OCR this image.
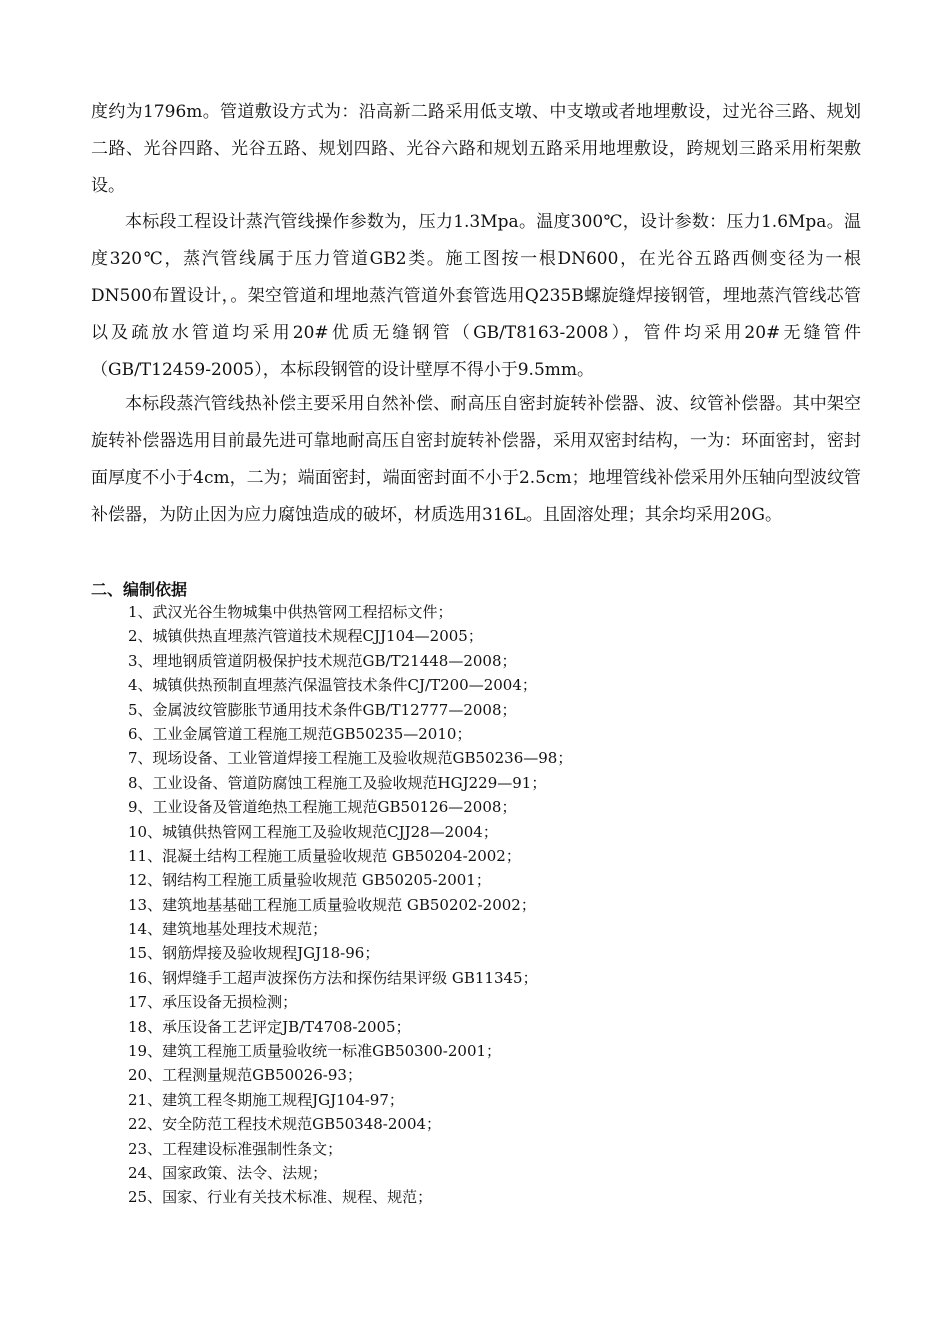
度约为1796m。管道敷设方式为：沿高新二路采用低支墩、中支墩或者地埋敷设，过光谷三路、规划二路、光谷四路、光谷五路、规划四路、光谷六路和规划五路采用地埋敷设，跨规划三路采用桁架敷设。

本标段工程设计蒸汽管线操作参数为，压力1.3Mpa。温度300℃，设计参数：压力1.6Mpa。温度320℃，蒸汽管线属于压力管道GB2类。施工图按一根DN600，在光谷五路西侧变径为一根DN500布置设计，。架空管道和埋地蒸汽管道外套管选用Q235B螺旋缝焊接钢管，埋地蒸汽管线芯管以及疏放水管道均采用20#优质无缝钢管（GB/T8163-2008），管件均采用20#无缝管件（GB/T12459-2005），本标段钢管的设计壁厚不得小于9.5mm。

本标段蒸汽管线热补偿主要采用自然补偿、耐高压自密封旋转补偿器、波、纹管补偿器。其中架空旋转补偿器选用目前最先进可靠地耐高压自密封旋转补偿器，采用双密封结构，一为：环面密封，密封面厚度不小于4cm，二为；端面密封，端面密封面不小于2.5cm；地埋管线补偿采用外压轴向型波纹管补偿器，为防止因为应力腐蚀造成的破坏，材质选用316L。且固溶处理；其余均采用20G。

二、编制依据
1、武汉光谷生物城集中供热管网工程招标文件；
2、城镇供热直埋蒸汽管道技术规程CJJ104—2005；
3、埋地钢质管道阴极保护技术规范GB/T21448—2008；
4、城镇供热预制直埋蒸汽保温管技术条件CJ/T200—2004；
5、金属波纹管膨胀节通用技术条件GB/T12777—2008；
6、工业金属管道工程施工规范GB50235—2010；
7、现场设备、工业管道焊接工程施工及验收规范GB50236—98；
8、工业设备、管道防腐蚀工程施工及验收规范HGJ229—91；
9、工业设备及管道绝热工程施工规范GB50126—2008；
10、城镇供热管网工程施工及验收规范CJJ28—2004；
11、混凝土结构工程施工质量验收规范 GB50204-2002；
12、钢结构工程施工质量验收规范 GB50205-2001；
13、建筑地基基础工程施工质量验收规范 GB50202-2002；
14、建筑地基处理技术规范；
15、钢筋焊接及验收规程JGJ18-96；
16、钢焊缝手工超声波探伤方法和探伤结果评级 GB11345；
17、承压设备无损检测；
18、承压设备工艺评定JB/T4708-2005；
19、建筑工程施工质量验收统一标准GB50300-2001；
20、工程测量规范GB50026-93；
21、建筑工程冬期施工规程JGJ104-97；
22、安全防范工程技术规范GB50348-2004；
23、工程建设标准强制性条文；
24、国家政策、法令、法规；
25、国家、行业有关技术标准、规程、规范；
